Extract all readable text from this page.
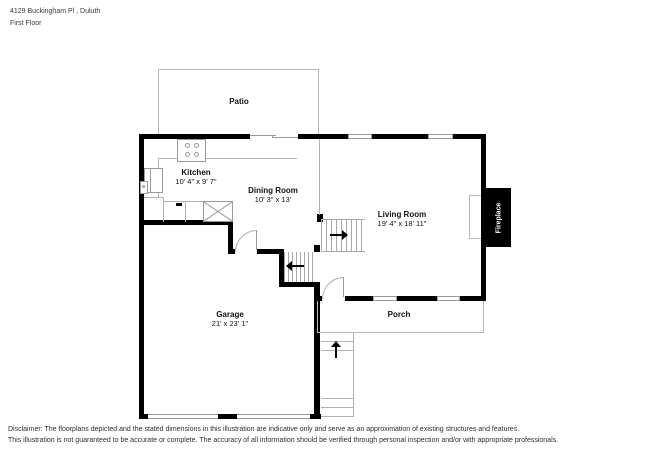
4129 Buckingham Pl , Duluth
First Floor
Fireplace
Patio
Kitchen
10' 4" x 9' 7"
Dining Room
10' 3" x 13'
Living Room
19' 4" x 18' 11"
Garage
21' x 23' 1"
Porch
Disclaimer: The floorplans depicted and the stated dimensions in this illustration are indicative only and serve as an approximation of existing structures and features.
This illustration is not guaranteed to be accurate or complete. The accuracy of all information should be verified through personal inspection and/or with appropriate professionals.
